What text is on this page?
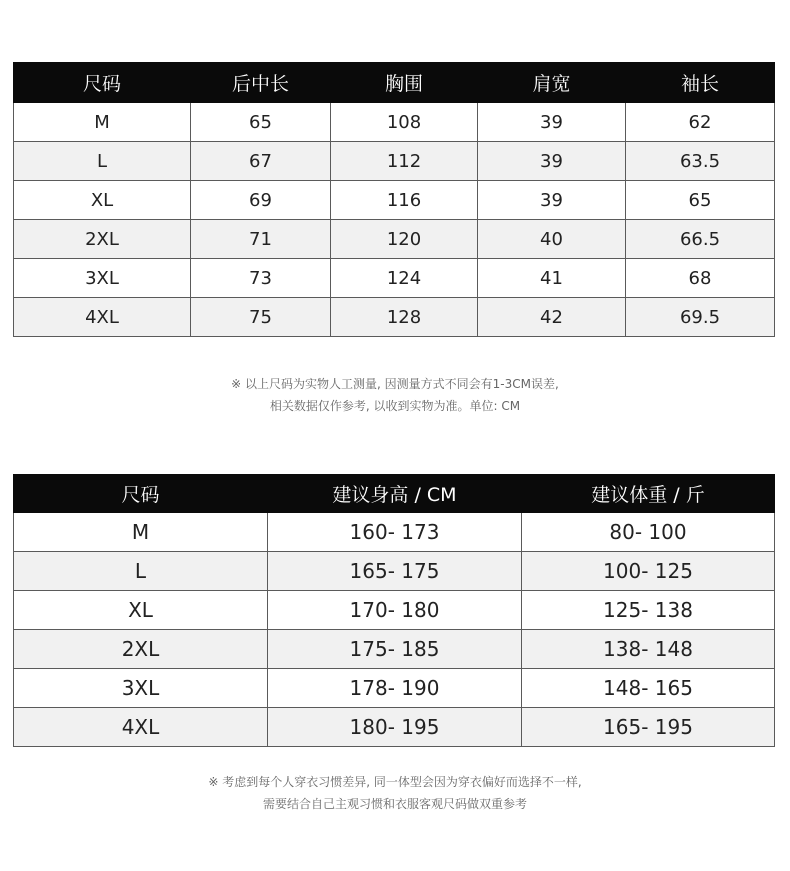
尺码	后中长	胸围	肩宽	袖长
M	65	108	39	62
L	67	112	39	63.5
XL	69	116	39	65
2XL	71	120	40	66.5
3XL	73	124	41	68
4XL	75	128	42	69.5
※ 以上尺码为实物人工测量, 因测量方式不同会有1-3CM误差,
相关数据仅作参考, 以收到实物为准。单位: CM
尺码	建议身高 / CM	建议体重 / 斤
M	160- 173	80- 100
L	165- 175	100- 125
XL	170- 180	125- 138
2XL	175- 185	138- 148
3XL	178- 190	148- 165
4XL	180- 195	165- 195
※ 考虑到每个人穿衣习惯差异, 同一体型会因为穿衣偏好而选择不一样,
需要结合自己主观习惯和衣服客观尺码做双重参考
